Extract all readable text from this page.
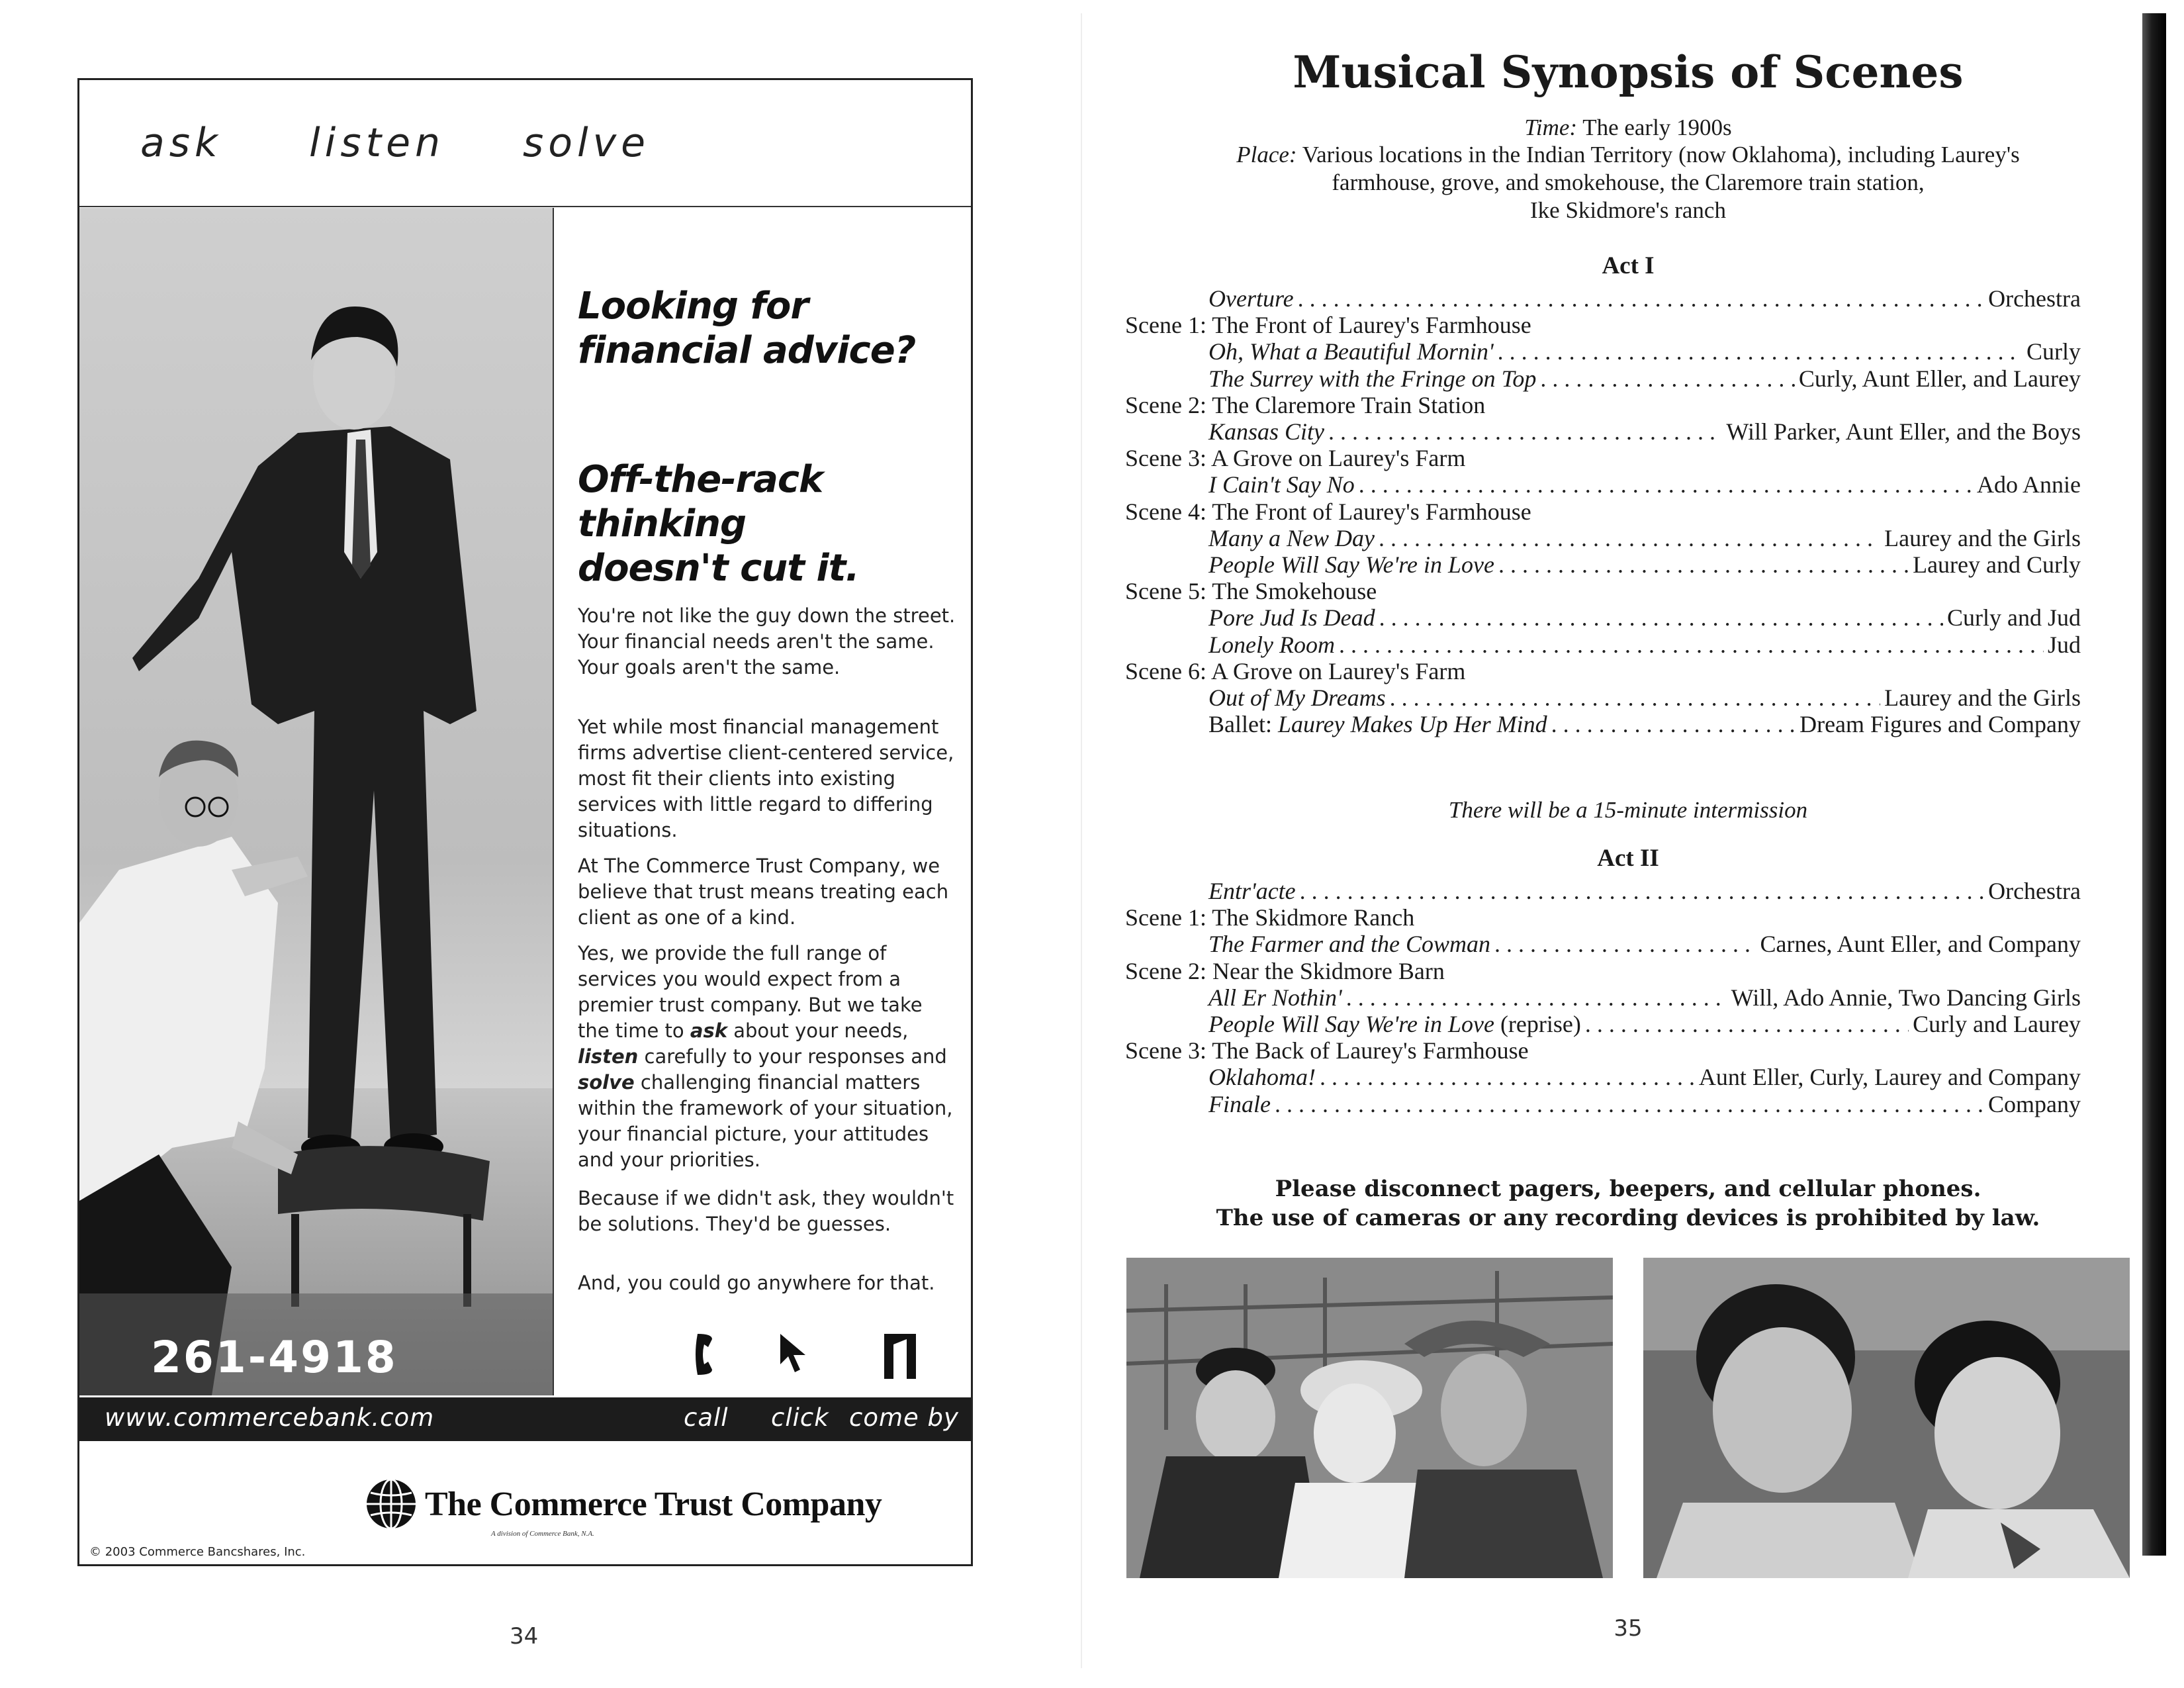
ask listen solve
261-4918
Looking for financial advice?
Off-the-rack thinking doesn't cut it.

You're not like the guy down the street. Your financial needs aren't the same. Your goals aren't the same.

Yet while most financial management firms advertise client-centered service, most fit their clients into existing services with little regard to differing situations.

At The Commerce Trust Company, we believe that trust means treating each client as one of a kind.

Yes, we provide the full range of services you would expect from a premier trust company. But we take the time to ask about your needs, listen carefully to your responses and solve challenging financial matters within the framework of your situation, your financial picture, your attitudes and your priorities.

Because if we didn't ask, they wouldn't be solutions. They'd be guesses.

And, you could go anywhere for that.

www.commercebank.com	call click come by
The Commerce Trust Company
A division of Commerce Bank, N.A.
© 2003 Commerce Bancshares, Inc.
34
Musical Synopsis of Scenes
Time: The early 1900s
Place: Various locations in the Indian Territory (now Oklahoma), including Laurey's
farmhouse, grove, and smokehouse, the Claremore train station,
Ike Skidmore's ranch
Act I
Overture . . .	Orchestra
Scene 1: The Front of Laurey's Farmhouse
Oh, What a Beautiful Mornin' . . .	Curly
The Surrey with the Fringe on Top . . .	Curly, Aunt Eller, and Laurey
Scene 2: The Claremore Train Station
Kansas City . . .	Will Parker, Aunt Eller, and the Boys
Scene 3: A Grove on Laurey's Farm
I Cain't Say No . . .	Ado Annie
Scene 4: The Front of Laurey's Farmhouse
Many a New Day . . .	Laurey and the Girls
People Will Say We're in Love . . .	Laurey and Curly
Scene 5: The Smokehouse
Pore Jud Is Dead . . .	Curly and Jud
Lonely Room . . .	Jud
Scene 6: A Grove on Laurey's Farm
Out of My Dreams . . .	Laurey and the Girls
Ballet: Laurey Makes Up Her Mind . . .	Dream Figures and Company
There will be a 15-minute intermission
Act II
Entr'acte . . .	Orchestra
Scene 1: The Skidmore Ranch
The Farmer and the Cowman . . .	Carnes, Aunt Eller, and Company
Scene 2: Near the Skidmore Barn
All Er Nothin' . . .	Will, Ado Annie, Two Dancing Girls
People Will Say We're in Love (reprise) . . .	Curly and Laurey
Scene 3: The Back of Laurey's Farmhouse
Oklahoma! . . .	Aunt Eller, Curly, Laurey and Company
Finale . . .	Company
Please disconnect pagers, beepers, and cellular phones.
The use of cameras or any recording devices is prohibited by law.
35
